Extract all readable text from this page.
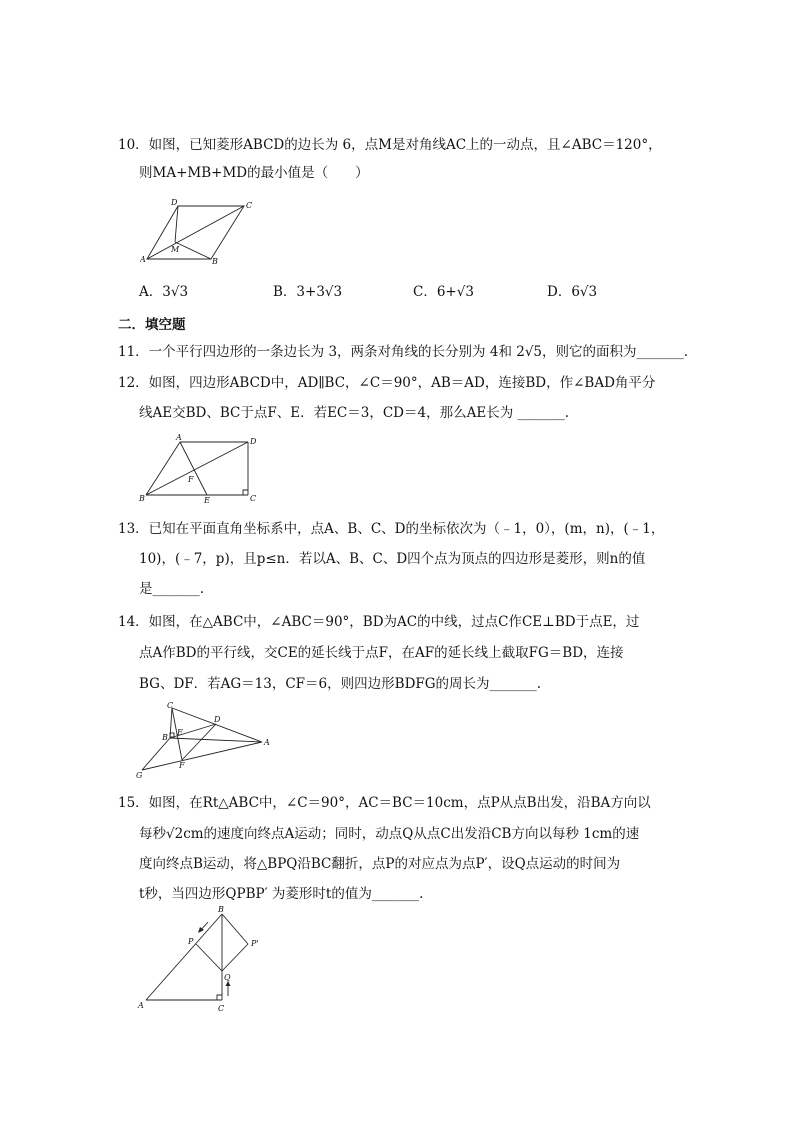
10．如图，已知菱形ABCD的边长为 6，点M是对角线AC上的一动点，且∠ABC＝120°，
则MA+MB+MD的最小值是（　　）
D	C
A	B
M
A．3√3	B．3+3√3	C．6+√3	D．6√3
二．填空题
11．一个平行四边形的一条边长为 3，两条对角线的长分别为 4和 2√5，则它的面积为_______.
12．如图，四边形ABCD中，AD∥BC，∠C＝90°，AB＝AD，连接BD，作∠BAD角平分
线AE交BD、BC于点F、E．若EC＝3，CD＝4，那么AE长为 _______.
A	D
B	C
E
F
13．已知在平面直角坐标系中，点A、B、C、D的坐标依次为（﹣1，0），(m，n)，(﹣1，
10)，(﹣7，p)，且p≤n．若以A、B、C、D四个点为顶点的四边形是菱形，则n的值
是_______.
14．如图，在△ABC中，∠ABC＝90°，BD为AC的中线，过点C作CE⊥BD于点E，过
点A作BD的平行线，交CE的延长线于点F，在AF的延长线上截取FG＝BD，连接
BG、DF．若AG＝13，CF＝6，则四边形BDFG的周长为_______.
C
D
E
B
A
F
G
15．如图，在Rt△ABC中，∠C＝90°，AC＝BC＝10cm，点P从点B出发，沿BA方向以
每秒√2cm的速度向终点A运动；同时，动点Q从点C出发沿CB方向以每秒 1cm的速
度向终点B运动，将△BPQ沿BC翻折，点P的对应点为点P′，设Q点运动的时间为
t秒，当四边形QPBP′ 为菱形时t的值为_______.
B
P	P'
Q
A	C
